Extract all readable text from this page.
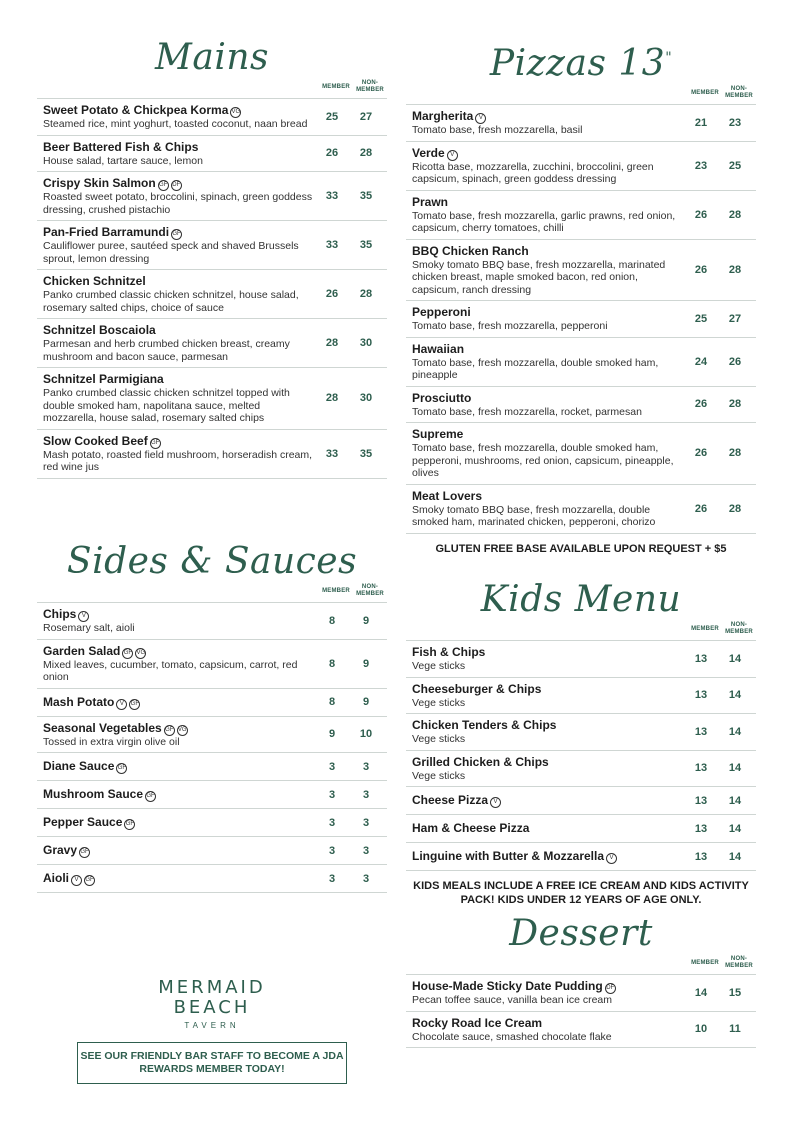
Mains
MEMBER
NON-MEMBER
Sweet Potato & Chickpea Korma VG
Steamed rice, mint yoghurt, toasted coconut, naan bread
25	27
Beer Battered Fish & Chips
House salad, tartare sauce, lemon
26	28
Crispy Skin Salmon GF DF
Roasted sweet potato, broccolini, spinach, green goddess dressing, crushed pistachio
33	35
Pan-Fried Barramundi GF
Cauliflower puree, sautéed speck and shaved Brussels sprout, lemon dressing
33	35
Chicken Schnitzel
Panko crumbed classic chicken schnitzel, house salad, rosemary salted chips, choice of sauce
26	28
Schnitzel Boscaiola
Parmesan and herb crumbed chicken breast, creamy mushroom and bacon sauce, parmesan
28	30
Schnitzel Parmigiana
Panko crumbed classic chicken schnitzel topped with double smoked ham, napolitana sauce, melted mozzarella, house salad, rosemary salted chips
28	30
Slow Cooked Beef GF
Mash potato, roasted field mushroom, horseradish cream, red wine jus
33	35
Sides & Sauces
MEMBER
NON-MEMBER
Chips V
Rosemary salt, aioli
8	9
Garden Salad GF VG
Mixed leaves, cucumber, tomato, capsicum, carrot, red onion
8	9
Mash Potato V GF	8	9
Seasonal Vegetables GF VG
Tossed in extra virgin olive oil
9	10
Diane Sauce GF	3	3
Mushroom Sauce GF	3	3
Pepper Sauce GF	3	3
Gravy GF	3	3
Aioli V GF	3	3
MERMAID
BEACH
TAVERN
SEE OUR FRIENDLY BAR STAFF TO BECOME A JDA REWARDS MEMBER TODAY!
Pizzas 13"
MEMBER
NON-MEMBER
Margherita V
Tomato base, fresh mozzarella, basil
21	23
Verde V
Ricotta base, mozzarella, zucchini, broccolini, green capsicum, spinach, green goddess dressing
23	25
Prawn
Tomato base, fresh mozzarella, garlic prawns, red onion, capsicum, cherry tomatoes, chilli
26	28
BBQ Chicken Ranch
Smoky tomato BBQ base, fresh mozzarella, marinated chicken breast, maple smoked bacon, red onion, capsicum, ranch dressing
26	28
Pepperoni
Tomato base, fresh mozzarella, pepperoni
25	27
Hawaiian
Tomato base, fresh mozzarella, double smoked ham, pineapple
24	26
Prosciutto
Tomato base, fresh mozzarella, rocket, parmesan
26	28
Supreme
Tomato base, fresh mozzarella, double smoked ham, pepperoni, mushrooms, red onion, capsicum, pineapple, olives
26	28
Meat Lovers
Smoky tomato BBQ base, fresh mozzarella, double smoked ham, marinated chicken, pepperoni, chorizo
26	28
GLUTEN FREE BASE AVAILABLE UPON REQUEST + $5
Kids Menu
MEMBER
NON-MEMBER
Fish & Chips
Vege sticks
13	14
Cheeseburger & Chips
Vege sticks
13	14
Chicken Tenders & Chips
Vege sticks
13	14
Grilled Chicken & Chips
Vege sticks
13	14
Cheese Pizza V	13	14
Ham & Cheese Pizza	13	14
Linguine with Butter & Mozzarella V	13	14
KIDS MEALS INCLUDE A FREE ICE CREAM AND KIDS ACTIVITY PACK! KIDS UNDER 12 YEARS OF AGE ONLY.
Dessert
MEMBER
NON-MEMBER
House-Made Sticky Date Pudding DF
Pecan toffee sauce, vanilla bean ice cream
14	15
Rocky Road Ice Cream
Chocolate sauce, smashed chocolate flake
10	11
